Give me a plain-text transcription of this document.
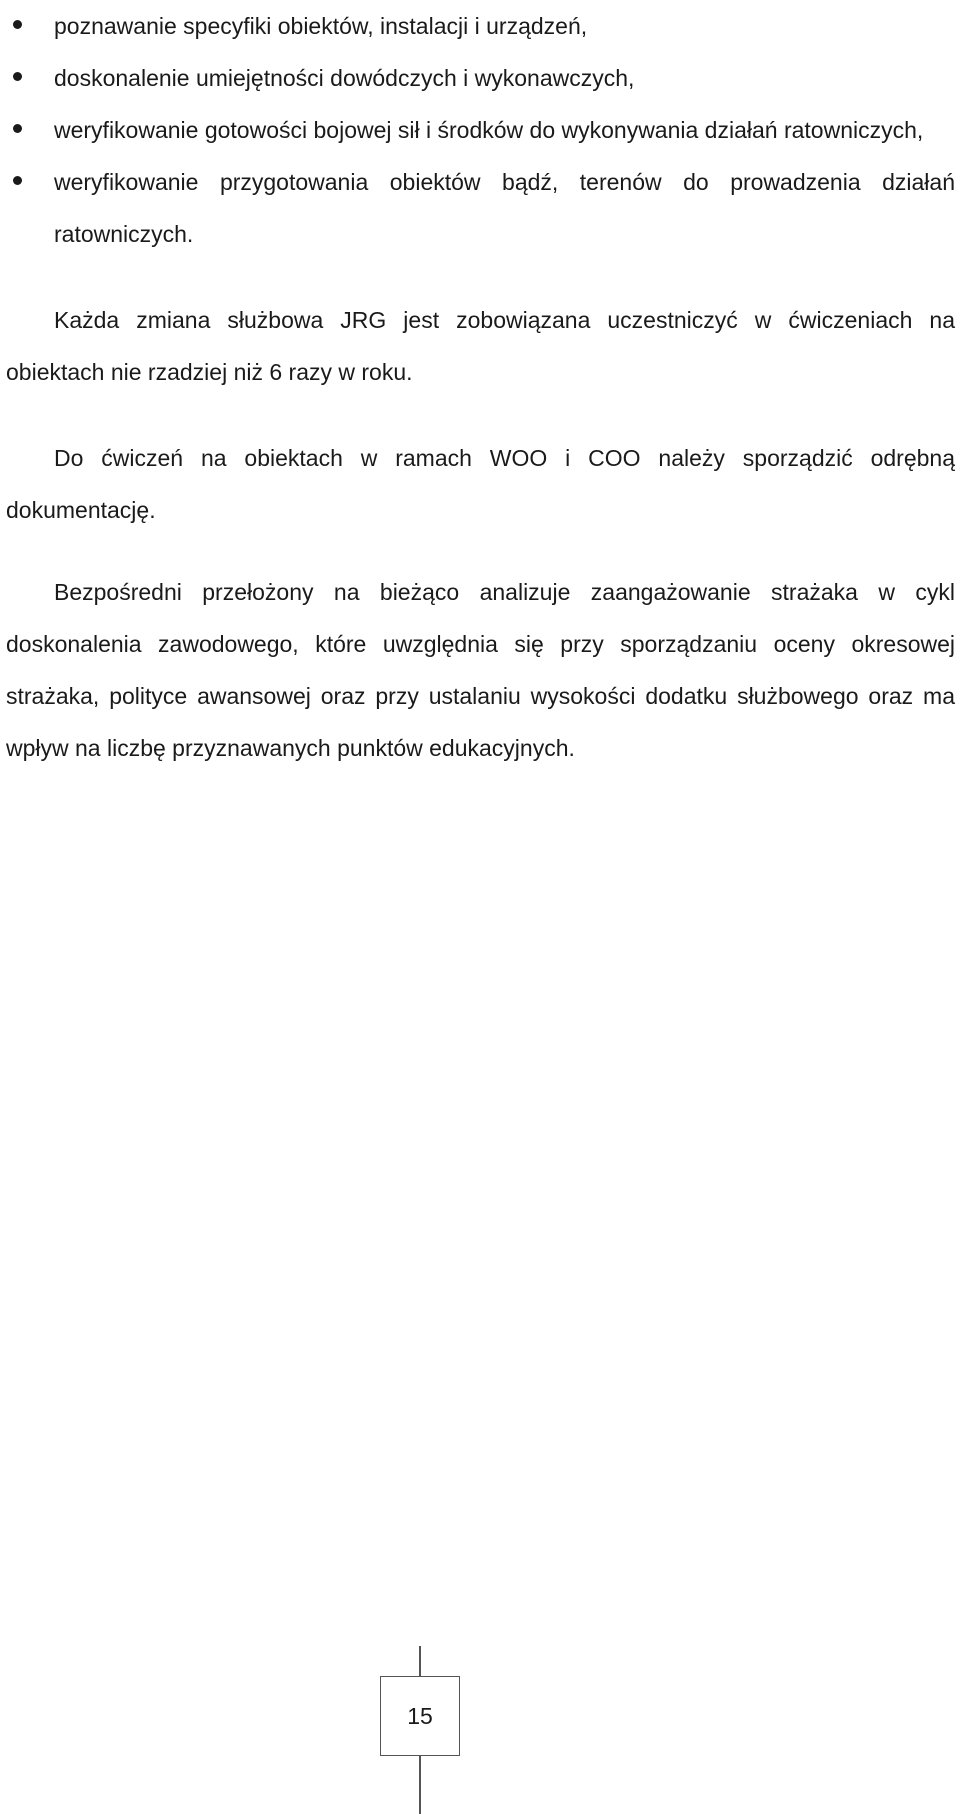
poznawanie specyfiki obiektów, instalacji i urządzeń,
doskonalenie umiejętności dowódczych i wykonawczych,
weryfikowanie gotowości bojowej sił i środków do wykonywania działań ratowniczych,
weryfikowanie przygotowania obiektów bądź, terenów do prowadzenia działań ratowniczych.

Każda zmiana służbowa JRG jest zobowiązana uczestniczyć w ćwiczeniach na obiektach nie rzadziej niż 6 razy w roku.

Do ćwiczeń na obiektach w ramach WOO i COO należy sporządzić odrębną dokumentację.

Bezpośredni przełożony na bieżąco analizuje zaangażowanie strażaka w cykl doskonalenia zawodowego, które uwzględnia się przy sporządzaniu oceny okresowej strażaka, polityce awansowej oraz przy ustalaniu wysokości dodatku służbowego oraz ma wpływ na liczbę przyznawanych punktów edukacyjnych.

15
